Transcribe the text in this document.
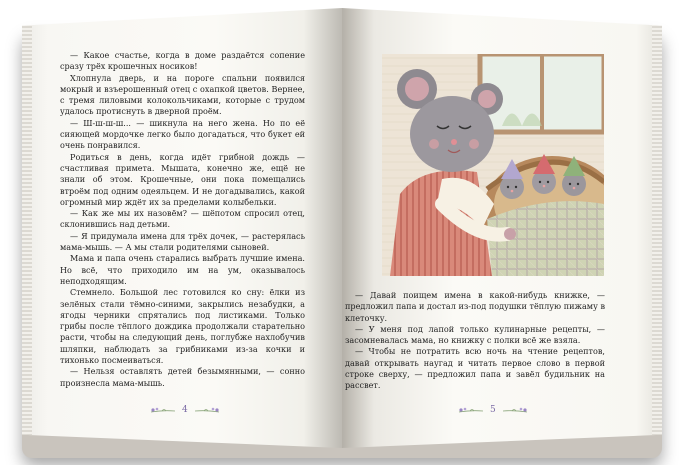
— Какое счастье, когда в доме раздаётся сопение сразу трёх крошечных носиков!

Хлопнула дверь, и на пороге спальни появился мокрый и взъерошенный отец с охапкой цветов. Вернее, с тремя лиловыми колокольчиками, которые с трудом удалось протиснуть в дверной проём.

— Ш-ш-ш-ш... — шикнула на него жена. Но по её сияющей мордочке легко было догадаться, что букет ей очень понравился.

Родиться в день, когда идёт грибной дождь — счастливая примета. Мышата, конечно же, ещё не знали об этом. Крошечные, они пока помещались втроём под одним одеяльцем. И не догадывались, какой огромный мир ждёт их за пределами колыбельки.

— Как же мы их назовём? — шёпотом спросил отец, склонившись над детьми.

— Я придумала имена для трёх дочек, — растерялась мама-мышь. — А мы стали родителями сыновей.

Мама и папа очень старались выбрать лучшие имена. Но всё, что приходило им на ум, оказывалось неподходящим.

Стемнело. Большой лес готовился ко сну: ёлки из зелёных стали тёмно-синими, закрылись незабудки, а ягоды черники спрятались под листиками. Только грибы после тёплого дождика продолжали старательно расти, чтобы на следующий день, поглубже нахлобучив шляпки, наблюдать за грибниками из-за кочки и тихонько посмеиваться.

— Нельзя оставлять детей безымянными, — сонно произнесла мама-мышь.

4

— Давай поищем имена в какой-нибудь книжке, — предложил папа и достал из-под подушки тёплую пижаму в клеточку.

— У меня под лапой только кулинарные рецепты, — засомневалась мама, но книжку с полки всё же взяла.

— Чтобы не потратить всю ночь на чтение рецептов, давай открывать наугад и читать первое слово в первой строке сверху, — предложил папа и завёл будильник на рассвет.

5
